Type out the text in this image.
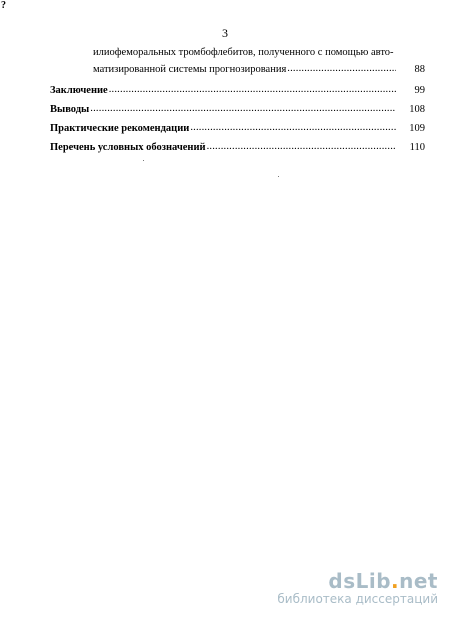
?
3
илиофеморальных тромбофлебитов, полученного с помощью авто-
матизированной системы прогнозирования .....	88
Заключение .....	99
Выводы .....	108
Практические рекомендации .....	109
Перечень условных обозначений .....	110
dsLib.net
библиотека диссертаций
